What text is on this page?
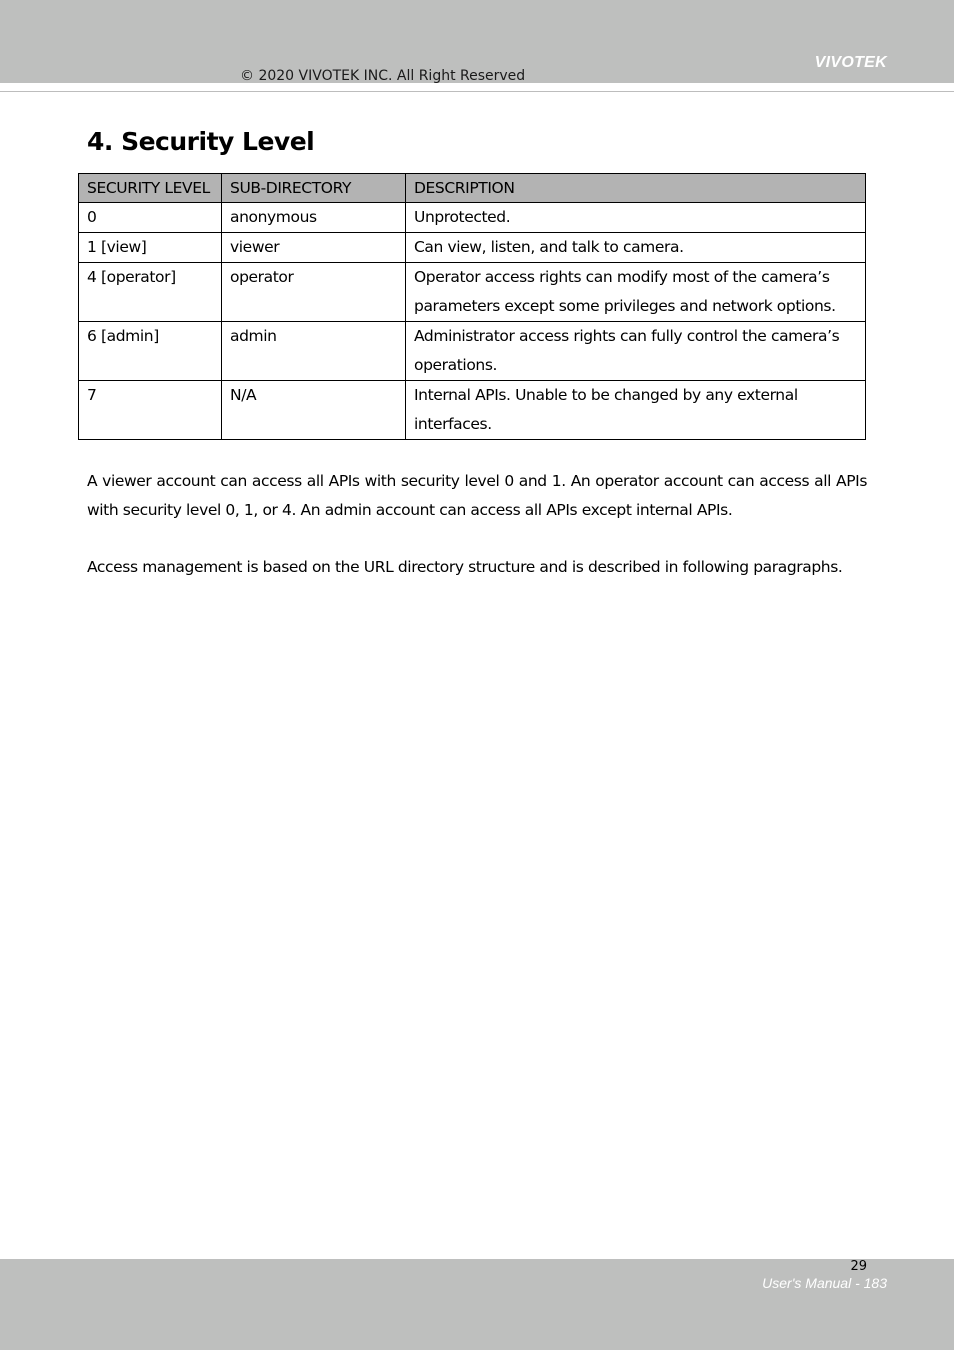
VIVOTEK
© 2020 VIVOTEK INC. All Right Reserved
4. Security Level
SECURITY LEVEL	SUB-DIRECTORY	DESCRIPTION
0	anonymous	Unprotected.
1 [view]	viewer	Can view, listen, and talk to camera.
4 [operator]	operator	Operator access rights can modify most of the camera’s parameters except some privileges and network options.
6 [admin]	admin	Administrator access rights can fully control the camera’s operations.
7	N/A	Internal APIs. Unable to be changed by any external interfaces.

A viewer account can access all APIs with security level 0 and 1. An operator account can access all APIs with security level 0, 1, or 4. An admin account can access all APIs except internal APIs.

Access management is based on the URL directory structure and is described in following paragraphs.

29
User's Manual - 183
